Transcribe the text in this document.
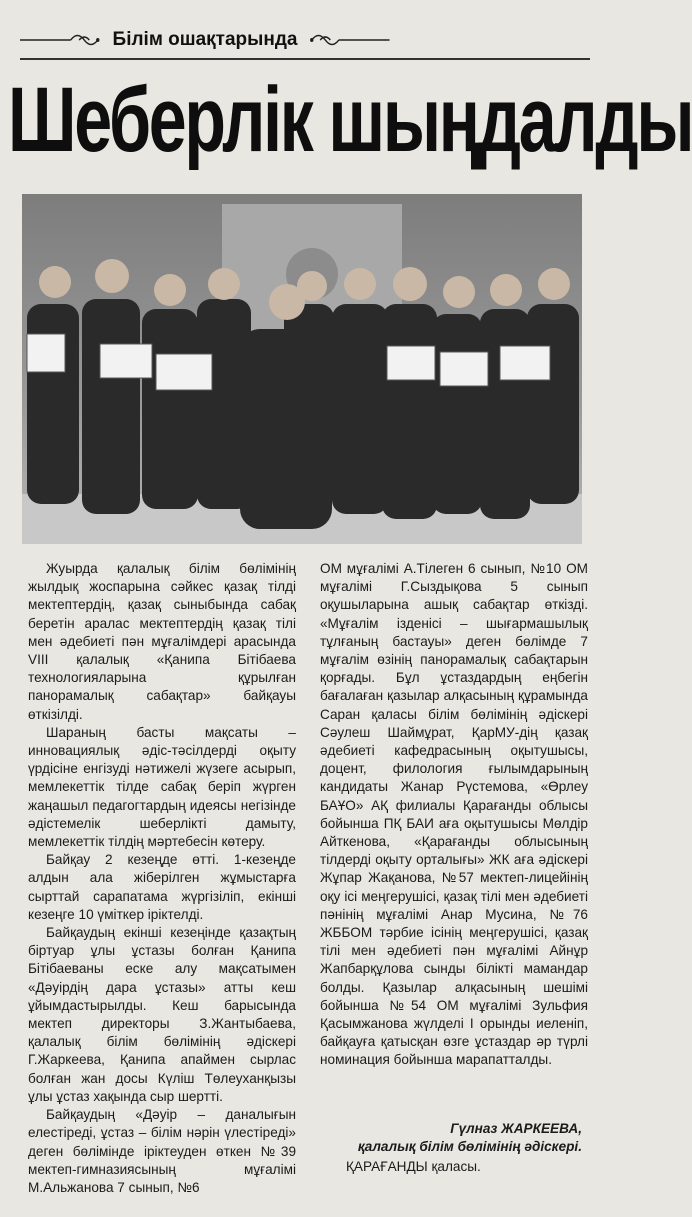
Білім ошақтарында
Шеберлік шыңдалды

Жуырда қалалық білім бөлімінің жылдық жоспарына сәйкес қазақ тілді мектептердің, қазақ сыныбында сабақ беретін аралас мектептердің қазақ тілі мен әдебиеті пән мұғалімдері арасында VIII қалалық «Қанипа Бітібаева технологияларына құрылған панорамалық сабақтар» байқауы өткізілді.

Шараның басты мақсаты – инновациялық әдіс-тәсілдерді оқыту үрдісіне енгізуді нәтижелі жүзеге асырып, мемлекеттік тілде сабақ беріп жүрген жаңашыл педагогтардың идеясы негізінде әдістемелік шеберлікті дамыту, мемлекеттік тілдің мәртебесін көтеру.

Байқау 2 кезеңде өтті. 1-кезеңде алдын ала жіберілген жұмыстарға сырттай сарапатама жүргізіліп, екінші кезеңге 10 үміткер іріктелді.

Байқаудың екінші кезеңінде қазақтың біртуар ұлы ұстазы болған Қанипа Бітібаеваны еске алу мақсатымен «Дәуірдің дара ұстазы» атты кеш ұйымдастырылды. Кеш барысында мектеп директоры З.Жантыбаева, қалалық білім бөлімінің әдіскері Г.Жаркеева, Қанипа апаймен сырлас болған жан досы Күліш Төлеуханқызы ұлы ұстаз хақында сыр шертті.

Байқаудың «Дәуір – даналығын елестіреді, ұстаз – білім нәрін үлестіреді» деген бөлімінде іріктеуден өткен №39 мектеп-гимназиясының мұғалімі М.Альжанова 7 сынып, №6

ОМ мұғалімі А.Тілеген 6 сынып, №10 ОМ мұғалімі Г.Сыздықова 5 сынып оқушыларына ашық сабақтар өткізді. «Мұғалім ізденісі – шығармашылық тұлғаның бастауы» деген бөлімде 7 мұғалім өзінің панорамалық сабақтарын қорғады. Бұл ұстаздардың еңбегін бағалаған қазылар алқасының құрамында Саран қаласы білім бөлімінің әдіскері Сәулеш Шаймұрат, ҚарМУ-дің қазақ әдебиеті кафедрасының оқытушысы, доцент, филология ғылымдарының кандидаты Жанар Рүстемова, «Өрлеу БАҰО» АҚ филиалы Қарағанды облысы бойынша ПҚ БАИ аға оқытушысы Мөлдір Айткенова, «Қарағанды облысының тілдерді оқыту орталығы» ЖК аға әдіскері Жұпар Жақанова, №57 мектеп-лицейінің оқу ісі меңгерушісі, қазақ тілі мен әдебиеті пәнінің мұғалімі Анар Мусина, №76 ЖББОМ тәрбие ісінің меңгерушісі, қазақ тілі мен әдебиеті пән мұғалімі Айнұр Жапбарқұлова сынды білікті мамандар болды. Қазылар алқасының шешімі бойынша №54 ОМ мұғалімі Зульфия Қасымжанова жүлделі I орынды иеленіп, байқауға қатысқан өзге ұстаздар әр түрлі номинация бойынша марапатталды.

Гүлназ ЖАРКЕЕВА,
қалалық білім бөлімінің әдіскері.
ҚАРАҒАНДЫ қаласы.
